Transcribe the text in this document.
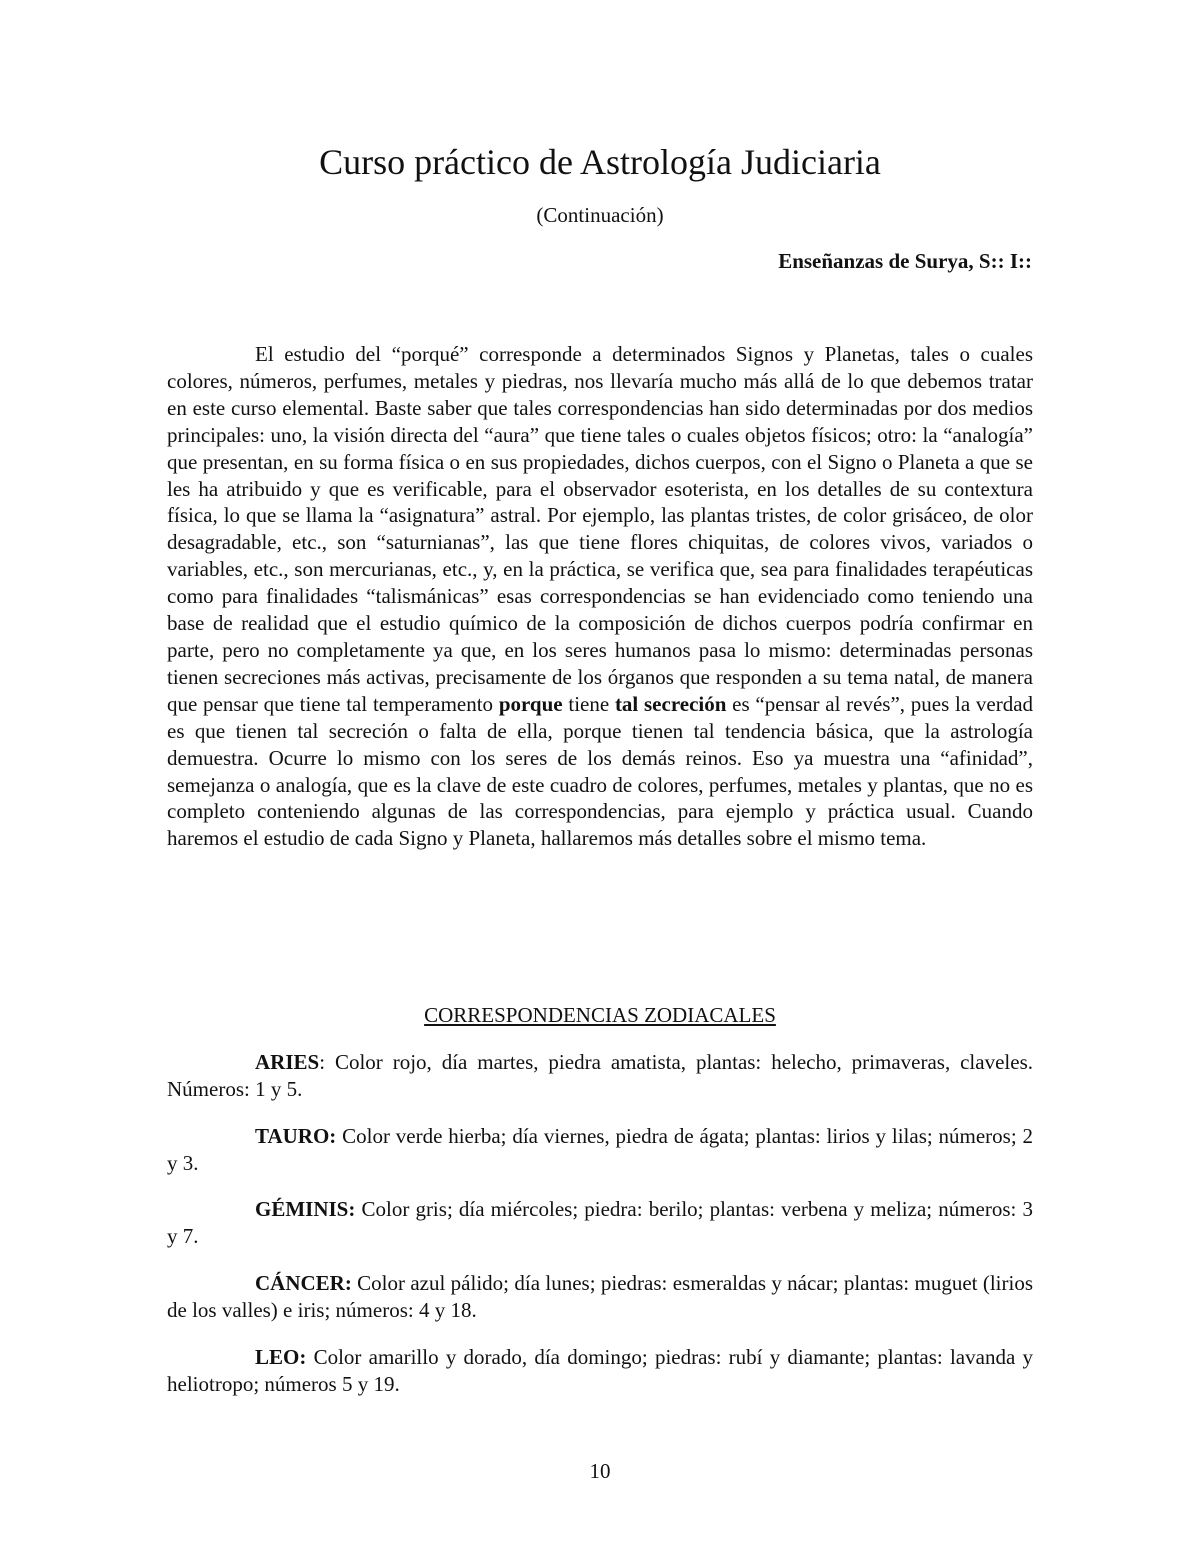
Curso práctico de Astrología Judiciaria

(Continuación)

Enseñanzas de Surya, S:: I::

El estudio del “porqué” corresponde a determinados Signos y Planetas, tales o cuales colores, números, perfumes, metales y piedras, nos llevaría mucho más allá de lo que debemos tratar en este curso elemental. Baste saber que tales correspondencias han sido determinadas por dos medios principales: uno, la visión directa del “aura” que tiene tales o cuales objetos físicos; otro: la “analogía” que presentan, en su forma física o en sus propiedades, dichos cuerpos, con el Signo o Planeta a que se les ha atribuido y que es verificable, para el observador esoterista, en los detalles de su contextura física, lo que se llama la “asignatura” astral. Por ejemplo, las plantas tristes, de color grisáceo, de olor desagradable, etc., son “saturnianas”, las que tiene flores chiquitas, de colores vivos, variados o variables, etc., son mercurianas, etc., y, en la práctica, se verifica que, sea para finalidades terapéuticas como para finalidades “talismánicas” esas correspondencias se han evidenciado como teniendo una base de realidad que el estudio químico de la composición de dichos cuerpos podría confirmar en parte, pero no completamente ya que, en los seres humanos pasa lo mismo: determinadas personas tienen secreciones más activas, precisamente de los órganos que responden a su tema natal, de manera que pensar que tiene tal temperamento porque tiene tal secreción es “pensar al revés”, pues la verdad es que tienen tal secreción o falta de ella, porque tienen tal tendencia básica, que la astrología demuestra. Ocurre lo mismo con los seres de los demás reinos. Eso ya muestra una “afinidad”, semejanza o analogía, que es la clave de este cuadro de colores, perfumes, metales y plantas, que no es completo conteniendo algunas de las correspondencias, para ejemplo y práctica usual. Cuando haremos el estudio de cada Signo y Planeta, hallaremos más detalles sobre el mismo tema.

CORRESPONDENCIAS ZODIACALES

ARIES: Color rojo, día martes, piedra amatista, plantas: helecho, primaveras, claveles. Números: 1 y 5.

TAURO: Color verde hierba; día viernes, piedra de ágata; plantas: lirios y lilas; números; 2 y 3.

GÉMINIS: Color gris; día miércoles; piedra: berilo; plantas: verbena y meliza; números: 3 y 7.

CÁNCER: Color azul pálido; día lunes; piedras: esmeraldas y nácar; plantas: muguet (lirios de los valles) e iris; números: 4 y 18.

LEO: Color amarillo y dorado, día domingo; piedras: rubí y diamante; plantas: lavanda y heliotropo; números 5 y 19.

10
